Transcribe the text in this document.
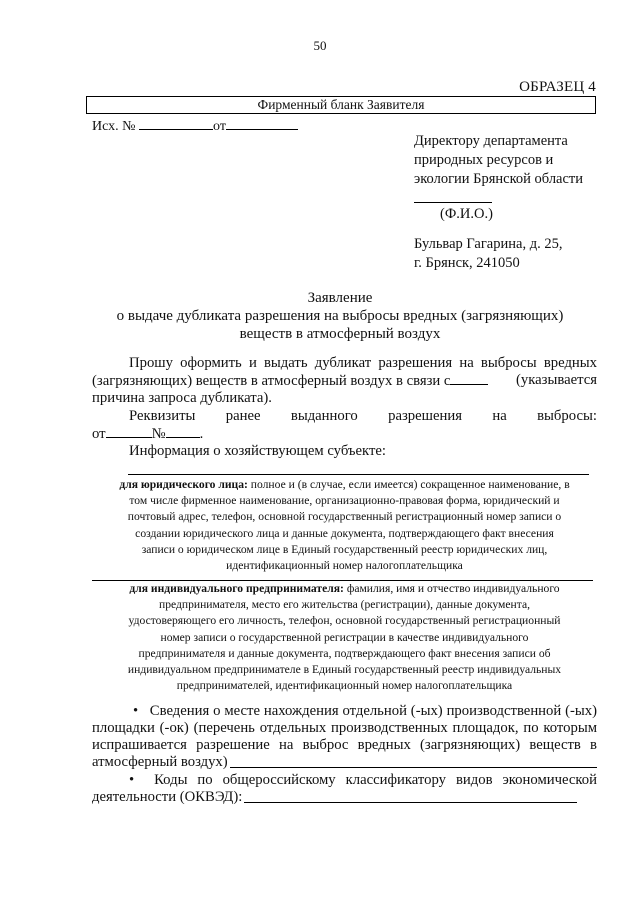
50
ОБРАЗЕЦ 4
Фирменный бланк Заявителя
Исх. №	от
Директору департамента
природных ресурсов и
экологии Брянской области
(Ф.И.О.)
Бульвар Гагарина, д. 25,
г. Брянск, 241050
Заявление
о выдаче дубликата разрешения на выбросы вредных (загрязняющих)
веществ в атмосферный воздух
Прошу оформить и выдать дубликат разрешения на выбросы вредных
(загрязняющих) веществ в атмосферный воздух в связи с	(указывается
причина запроса дубликата).
Реквизиты ранее выданного разрешения на выбросы:
от	№ .
Информация о хозяйствующем субъекте:
для юридического лица: полное и (в случае, если имеется) сокращенное наименование, в
том числе фирменное наименование, организационно-правовая форма, юридический и
почтовый адрес, телефон, основной государственный регистрационный номер записи о
создании юридического лица и данные документа, подтверждающего факт внесения
записи о юридическом лице в Единый государственный реестр юридических лиц,
идентификационный номер налогоплательщика
для индивидуального предпринимателя: фамилия, имя и отчество индивидуального
предпринимателя, место его жительства (регистрации), данные документа,
удостоверяющего его личность, телефон, основной государственный регистрационный
номер записи о государственной регистрации в качестве индивидуального
предпринимателя и данные документа, подтверждающего факт внесения записи об
индивидуальном предпринимателе в Единый государственный реестр индивидуальных
предпринимателей, идентификационный номер налогоплательщика
• Сведения о месте нахождения отдельной (-ых) производственной (-ых)
площадки (-ок) (перечень отдельных производственных площадок, по которым
испрашивается разрешение на выброс вредных (загрязняющих) веществ в
атмосферный воздух)
• Коды по общероссийскому классификатору видов экономической
деятельности (ОКВЭД):
